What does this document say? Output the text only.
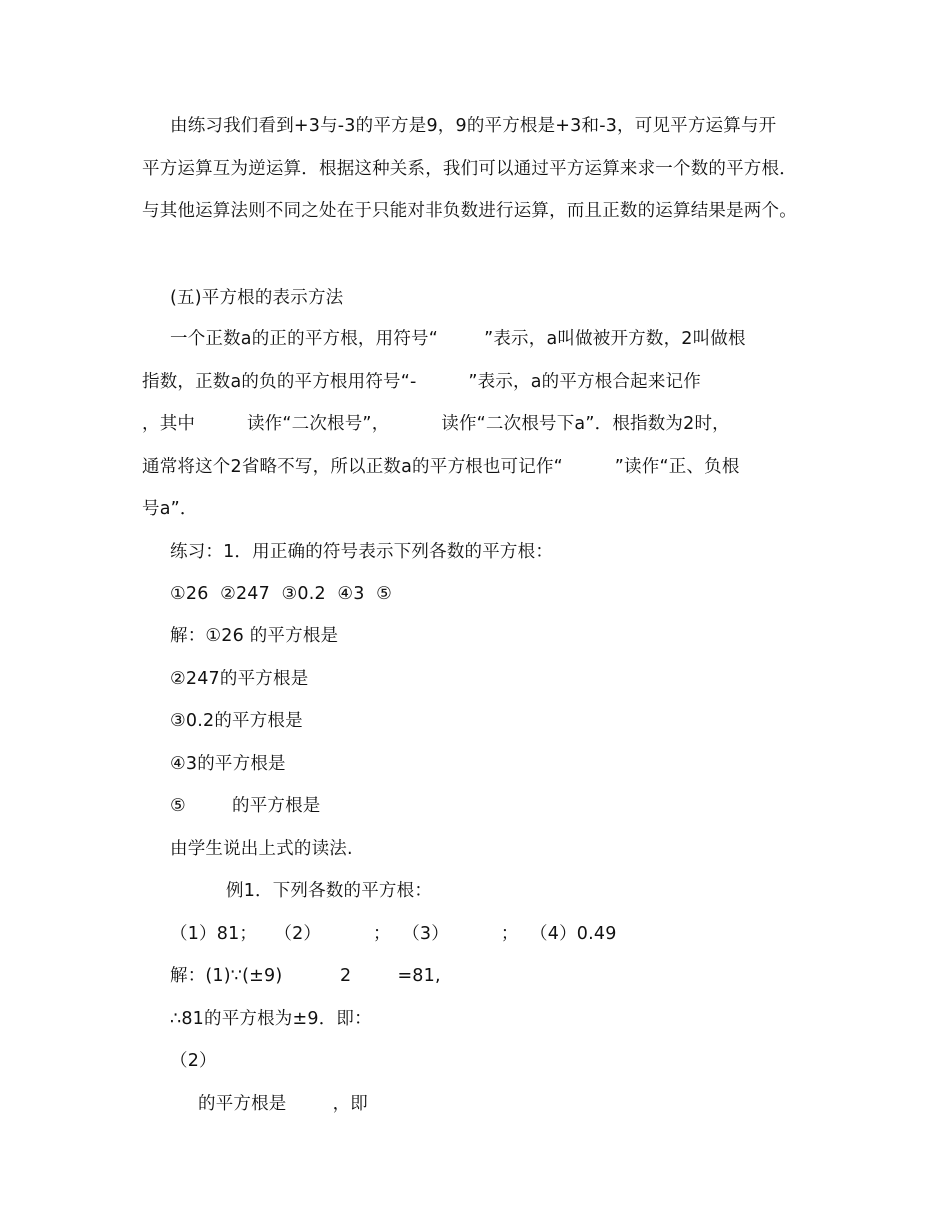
由练习我们看到+3与-3的平方是9，9的平方根是+3和-3，可见平方运算与开
平方运算互为逆运算．根据这种关系，我们可以通过平方运算来求一个数的平方根．
与其他运算法则不同之处在于只能对非负数进行运算，而且正数的运算结果是两个。
(五)平方根的表示方法
一个正数a的正的平方根，用符号“        ”表示，a叫做被开方数，2叫做根
指数，正数a的负的平方根用符号“-         ”表示，a的平方根合起来记作
，其中         读作“二次根号”，         读作“二次根号下a”．根指数为2时，
通常将这个2省略不写，所以正数a的平方根也可记作“         ”读作“正、负根
号a”．
练习：1．用正确的符号表示下列各数的平方根：
①26  ②247  ③0.2  ④3  ⑤
解：①26 的平方根是
②247的平方根是
③0.2的平方根是
④3的平方根是
⑤        的平方根是
由学生说出上式的读法.
例1．下列各数的平方根：
（1）81；   （2）         ；  （3）         ；  （4）0.49
解：(1)∵(±9)          2        =81,
∴81的平方根为±9．即：
（2）
的平方根是        ，即
